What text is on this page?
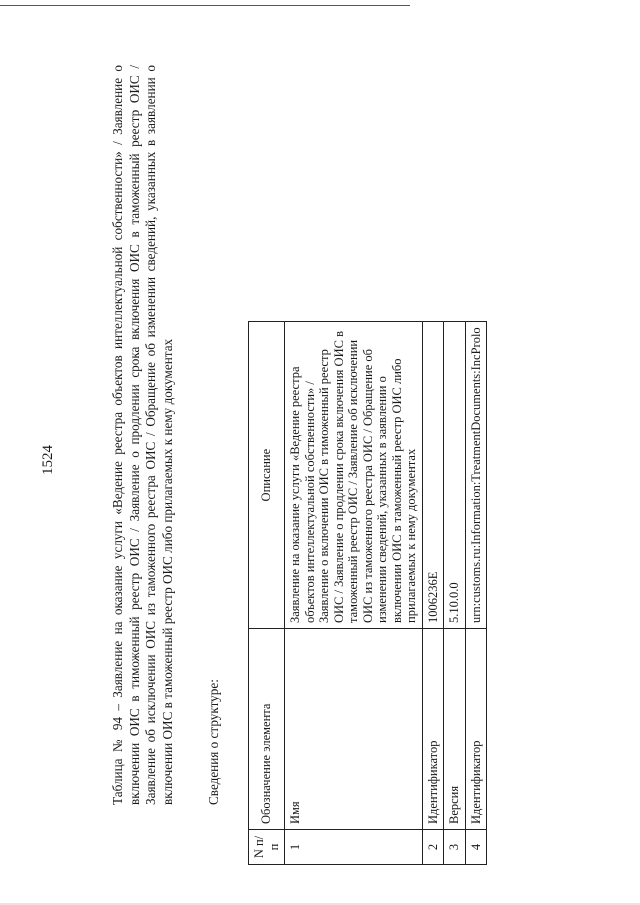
1524	Таблица № 94 – Заявление на оказание услуги «Ведение реестра объектов интеллектуальной собственности» / Заявление о включении ОИС в тиможенный реестр ОИС / Заявление о продлении срока включения ОИС в таможенный реестр ОИС / Заявление об исключении ОИС из таможенного реестра ОИС / Обращение об изменении сведений, указанных в заявлении о включении ОИС в таможенный реестр ОИС либо прилагаемых к нему документах Сведения о структуре:
N п/п	Обозначение элемента	Описание
1	Имя	Заявление на оказание услуги «Ведение реестра объектов интеллектуальной собственности» / Заявление о включении ОИС в тиможенный реестр ОИС / Заявление о продлении срока включения ОИС в таможенный реестр ОИС / Заявление об исключении ОИС из таможенного реестра ОИС / Обращение об изменении сведений, указанных в заявлении о включении ОИС в таможенный реестр ОИС либо прилагаемых к нему документах
2	Идентификатор	1006236E
3	Версия	5.10.0.0
4	Идентификатор	urn:customs.ru:Information:TreatmentDocuments:IncProlo
